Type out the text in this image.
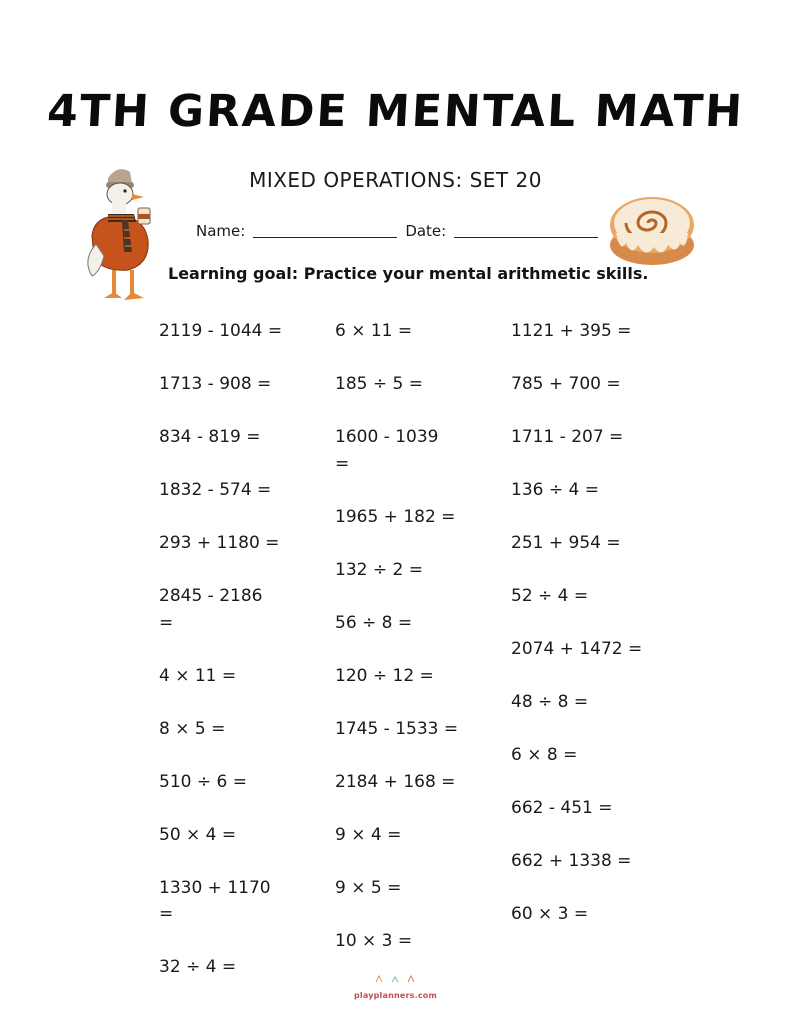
4TH GRADE MENTAL MATH
MIXED OPERATIONS: SET 20
Name:	Date:
Learning goal: Practice your mental arithmetic skills.
2119 - 1044 =
1713 - 908 =
834 - 819 =
1832 - 574 =
293 + 1180 =
2845 - 2186 =
4 × 11 =
8 × 5 =
510 ÷ 6 =
50 × 4 =
1330 + 1170 =
32 ÷ 4 =
6 × 11 =
185 ÷ 5 =
1600 - 1039 =
1965 + 182 =
132 ÷ 2 =
56 ÷ 8 =
120 ÷ 12 =
1745 - 1533 =
2184 + 168 =
9 × 4 =
9 × 5 =
10 × 3 =
1121 + 395 =
785 + 700 =
1711 - 207 =
136 ÷ 4 =
251 + 954 =
52 ÷ 4 =
2074 + 1472 =
48 ÷ 8 =
6 × 8 =
662 - 451 =
662 + 1338 =
60 × 3 =
playplanners.com
